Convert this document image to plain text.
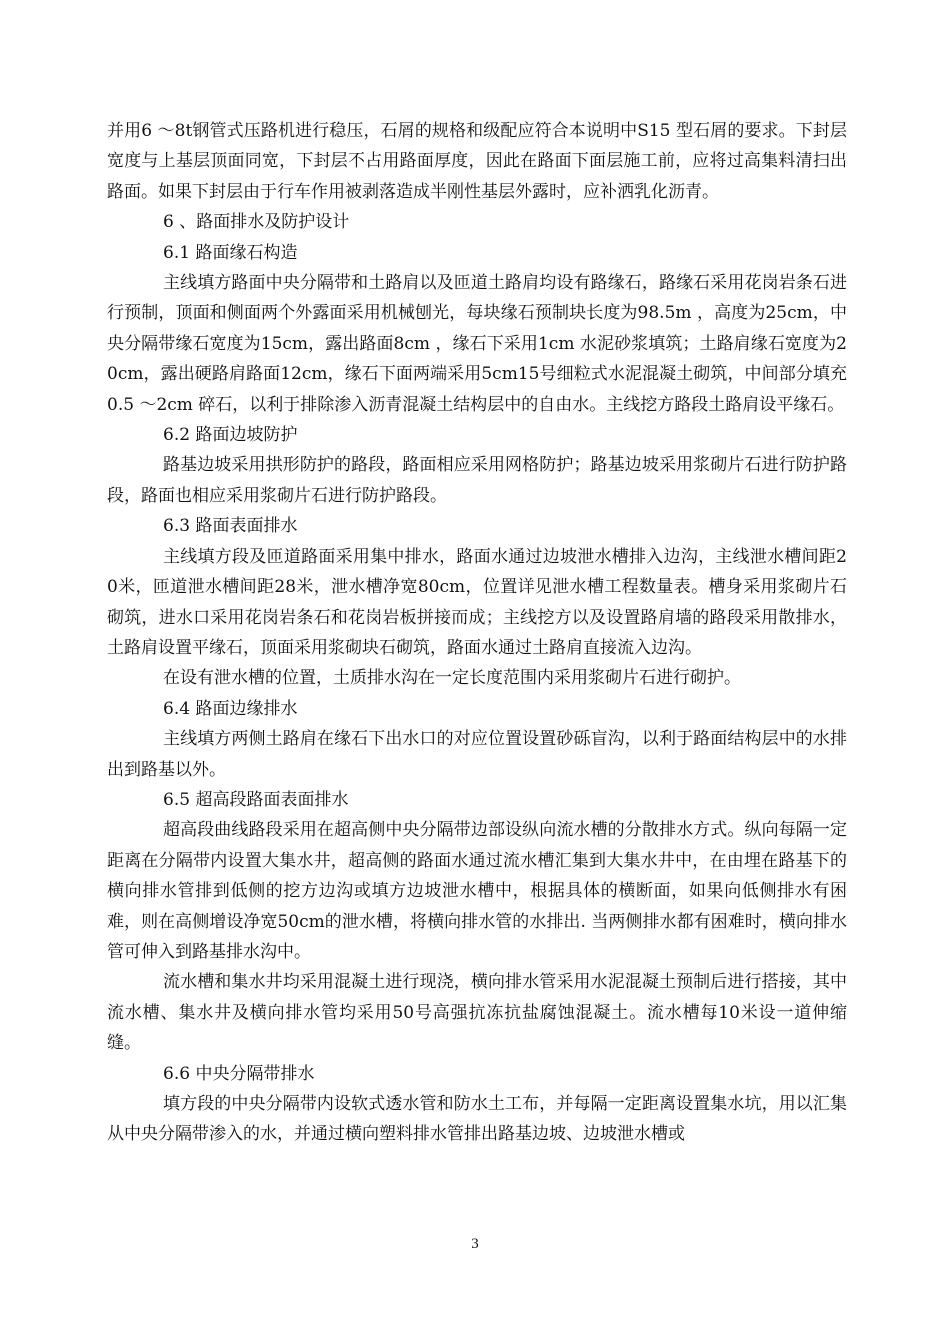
并用6 ～8t钢管式压路机进行稳压，石屑的规格和级配应符合本说明中S15 型石屑的要求。下封层宽度与上基层顶面同宽，下封层不占用路面厚度，因此在路面下面层施工前，应将过高集料清扫出路面。如果下封层由于行车作用被剥落造成半刚性基层外露时，应补洒乳化沥青。

6 、路面排水及防护设计

6.1 路面缘石构造

主线填方路面中央分隔带和土路肩以及匝道土路肩均设有路缘石，路缘石采用花岗岩条石进行预制，顶面和侧面两个外露面采用机械刨光，每块缘石预制块长度为98.5m ，高度为25cm，中央分隔带缘石宽度为15cm，露出路面8cm ，缘石下采用1cm 水泥砂浆填筑；土路肩缘石宽度为20cm，露出硬路肩路面12cm，缘石下面两端采用5cm15号细粒式水泥混凝土砌筑，中间部分填充0.5 ～2cm 碎石，以利于排除渗入沥青混凝土结构层中的自由水。主线挖方路段土路肩设平缘石。

6.2 路面边坡防护

路基边坡采用拱形防护的路段，路面相应采用网格防护；路基边坡采用浆砌片石进行防护路段，路面也相应采用浆砌片石进行防护路段。

6.3 路面表面排水

主线填方段及匝道路面采用集中排水，路面水通过边坡泄水槽排入边沟，主线泄水槽间距20米，匝道泄水槽间距28米，泄水槽净宽80cm，位置详见泄水槽工程数量表。槽身采用浆砌片石砌筑，进水口采用花岗岩条石和花岗岩板拼接而成；主线挖方以及设置路肩墙的路段采用散排水，土路肩设置平缘石，顶面采用浆砌块石砌筑，路面水通过土路肩直接流入边沟。

在设有泄水槽的位置，土质排水沟在一定长度范围内采用浆砌片石进行砌护。

6.4 路面边缘排水

主线填方两侧土路肩在缘石下出水口的对应位置设置砂砾盲沟，以利于路面结构层中的水排出到路基以外。

6.5 超高段路面表面排水

超高段曲线路段采用在超高侧中央分隔带边部设纵向流水槽的分散排水方式。纵向每隔一定距离在分隔带内设置大集水井，超高侧的路面水通过流水槽汇集到大集水井中，在由埋在路基下的横向排水管排到低侧的挖方边沟或填方边坡泄水槽中，根据具体的横断面，如果向低侧排水有困难，则在高侧增设净宽50cm的泄水槽，将横向排水管的水排出. 当两侧排水都有困难时，横向排水管可伸入到路基排水沟中。

流水槽和集水井均采用混凝土进行现浇，横向排水管采用水泥混凝土预制后进行搭接，其中流水槽、集水井及横向排水管均采用50号高强抗冻抗盐腐蚀混凝土。流水槽每10米设一道伸缩缝。

6.6 中央分隔带排水

填方段的中央分隔带内设软式透水管和防水土工布，并每隔一定距离设置集水坑，用以汇集从中央分隔带渗入的水，并通过横向塑料排水管排出路基边坡、边坡泄水槽或

3
